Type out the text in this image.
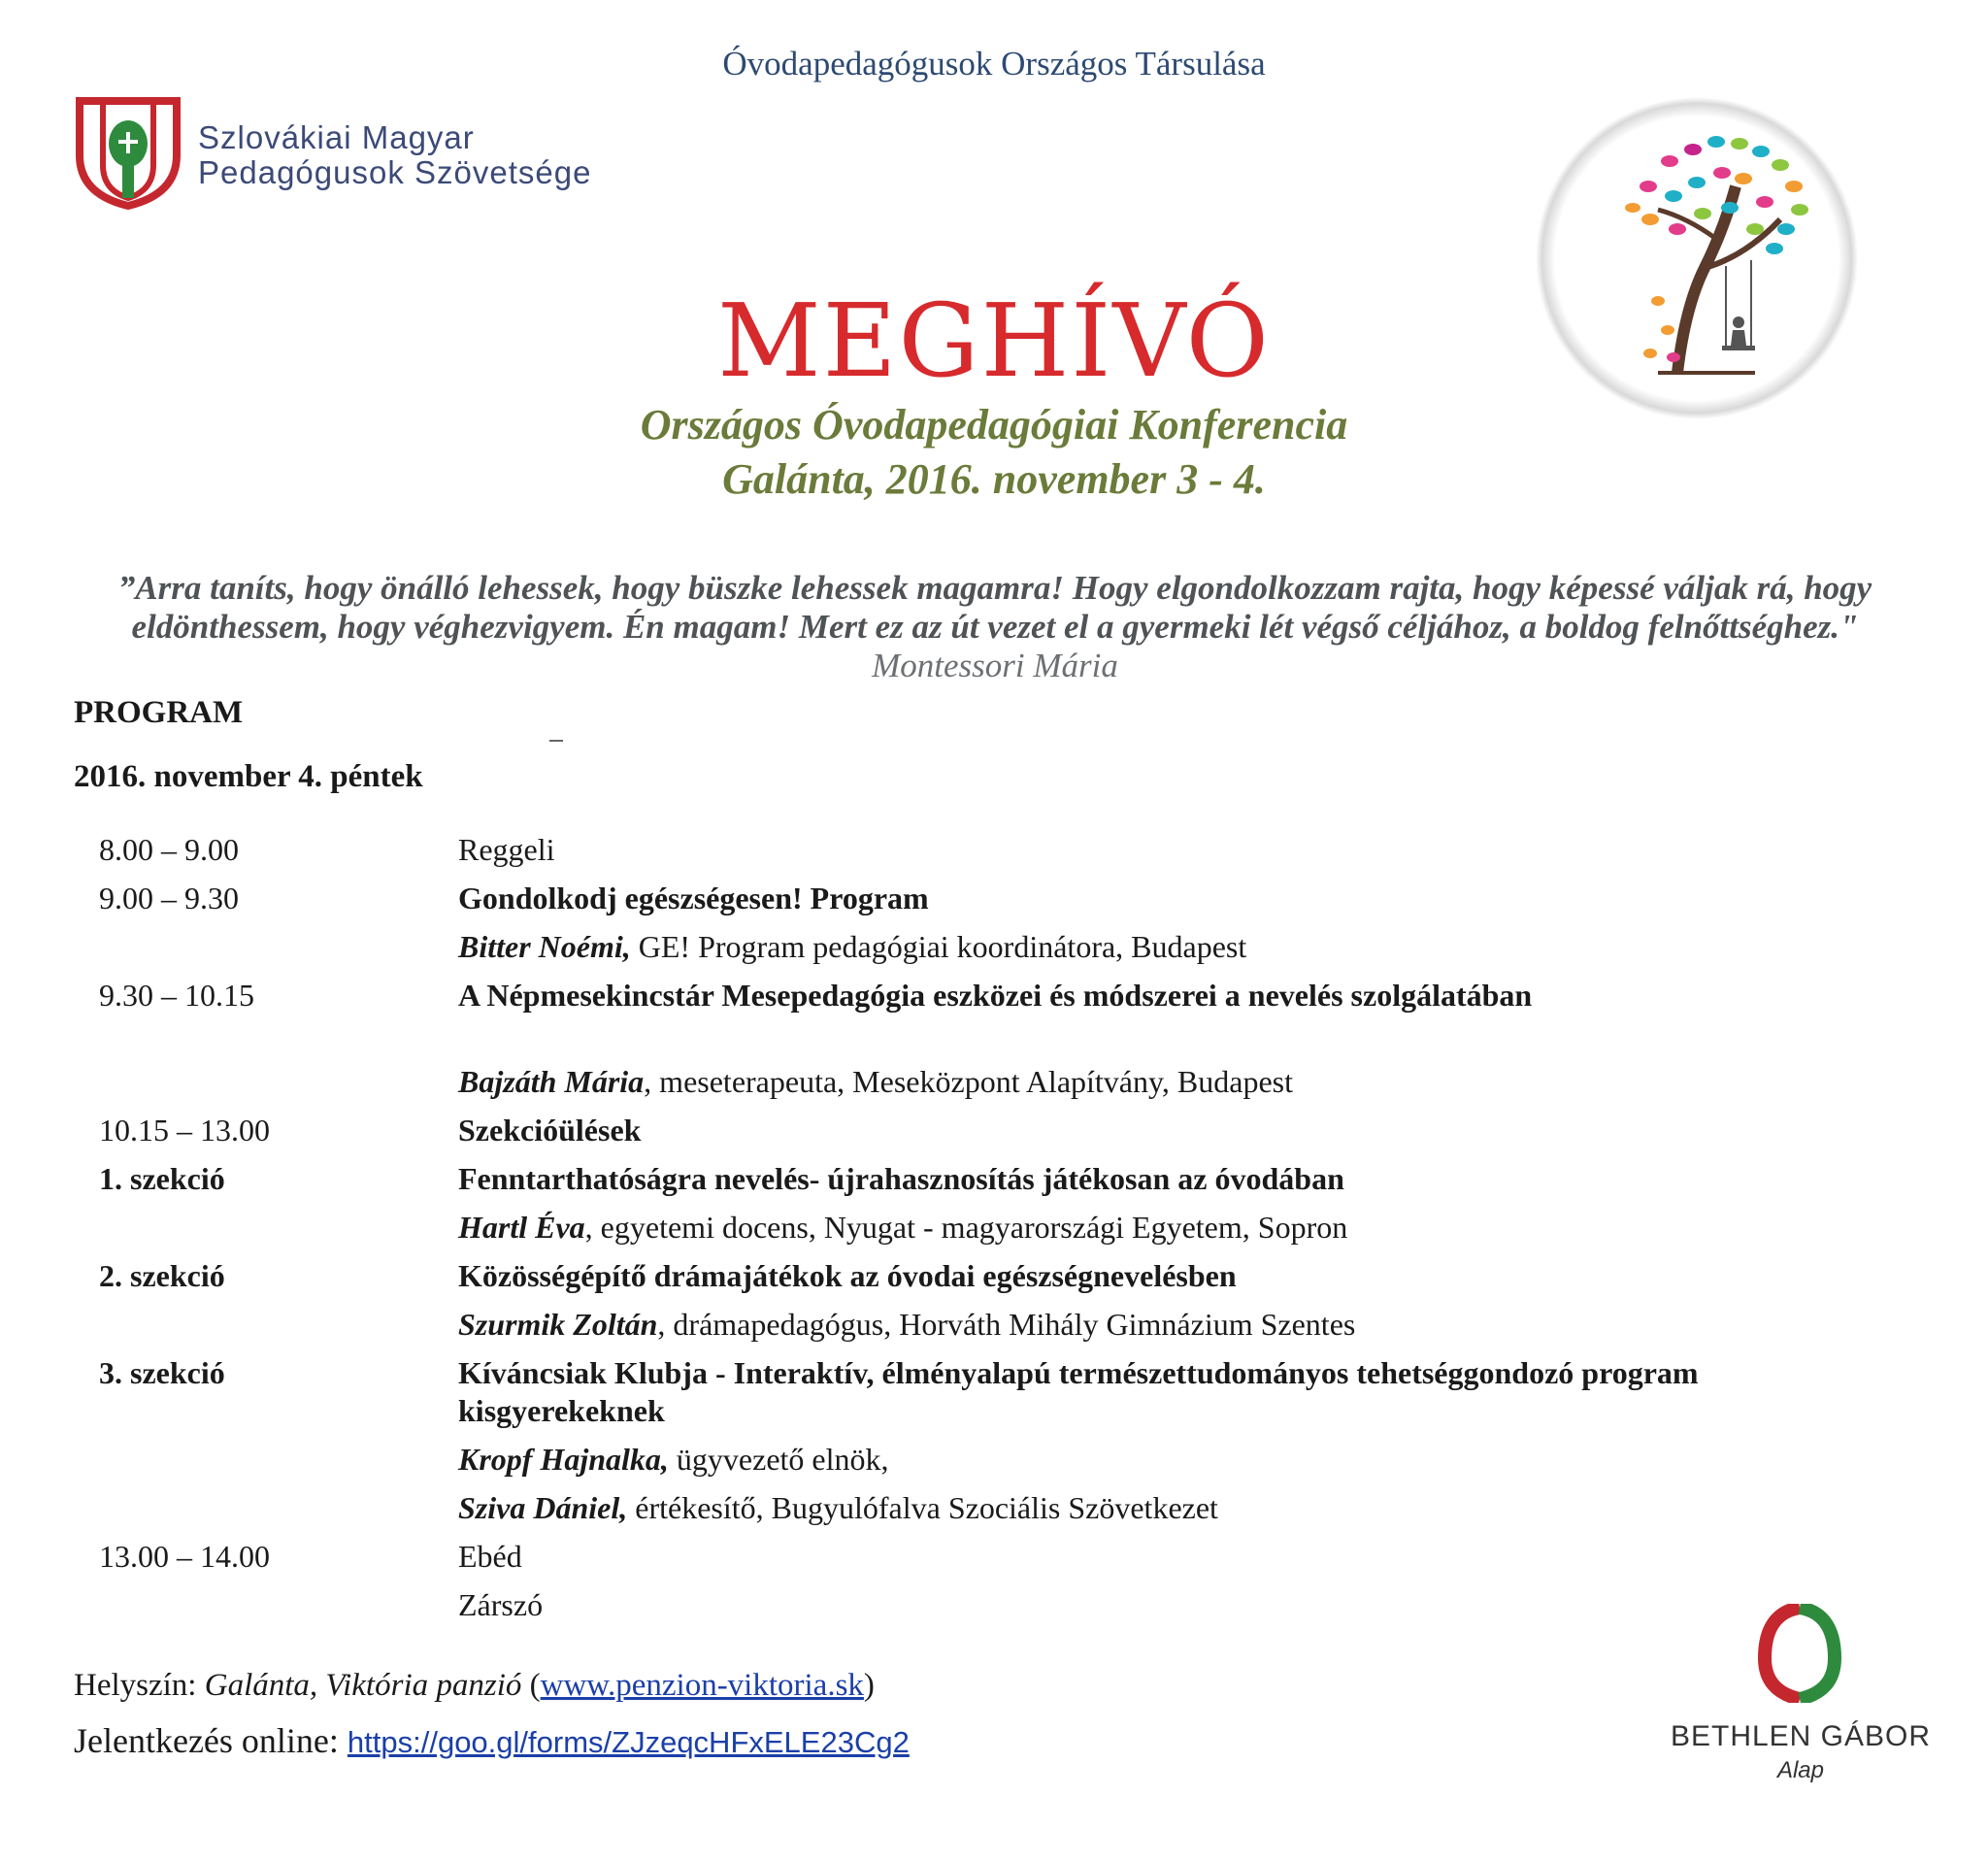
Óvodapedagógusok Országos Társulása
Szlovákiai Magyar
Pedagógusok Szövetsége
MEGHÍVÓ
Országos Óvodapedagógiai Konferencia
Galánta, 2016. november 3 - 4.
”Arra taníts, hogy önálló lehessek, hogy büszke lehessek magamra! Hogy elgondolkozzam rajta, hogy képessé váljak rá, hogy eldönthessem, hogy véghezvigyem. Én magam! Mert ez az út vezet el a gyermeki lét végső céljához, a boldog felnőttséghez." Montessori Mária
PROGRAM
2016. november 4. péntek
8.00 – 9.00	Reggeli
9.00 – 9.30	Gondolkodj egészségesen! Program
Bitter Noémi, GE! Program pedagógiai koordinátora, Budapest
9.30 – 10.15	A Népmesekincstár Mesepedagógia eszközei és módszerei a nevelés szolgálatában
Bajzáth Mária, meseterapeuta, Meseközpont Alapítvány, Budapest
10.15 – 13.00	Szekcióülések
1. szekció	Fenntarthatóságra nevelés- újrahasznosítás játékosan az óvodában
Hartl Éva, egyetemi docens, Nyugat - magyarországi Egyetem, Sopron
2. szekció	Közösségépítő drámajátékok az óvodai egészségnevelésben
Szurmik Zoltán, drámapedagógus, Horváth Mihály Gimnázium Szentes
3. szekció	Kíváncsiak Klubja - Interaktív, élményalapú természettudományos tehetséggondozó program kisgyerekeknek
Kropf Hajnalka, ügyvezető elnök,
Sziva Dániel, értékesítő, Bugyulófalva Szociális Szövetkezet
13.00 – 14.00	Ebéd
Zárszó
Helyszín: Galánta, Viktória panzió (www.penzion-viktoria.sk)
Jelentkezés online: https://goo.gl/forms/ZJzeqcHFxELE23Cg2	BETHLEN GÁBOR
Alap
